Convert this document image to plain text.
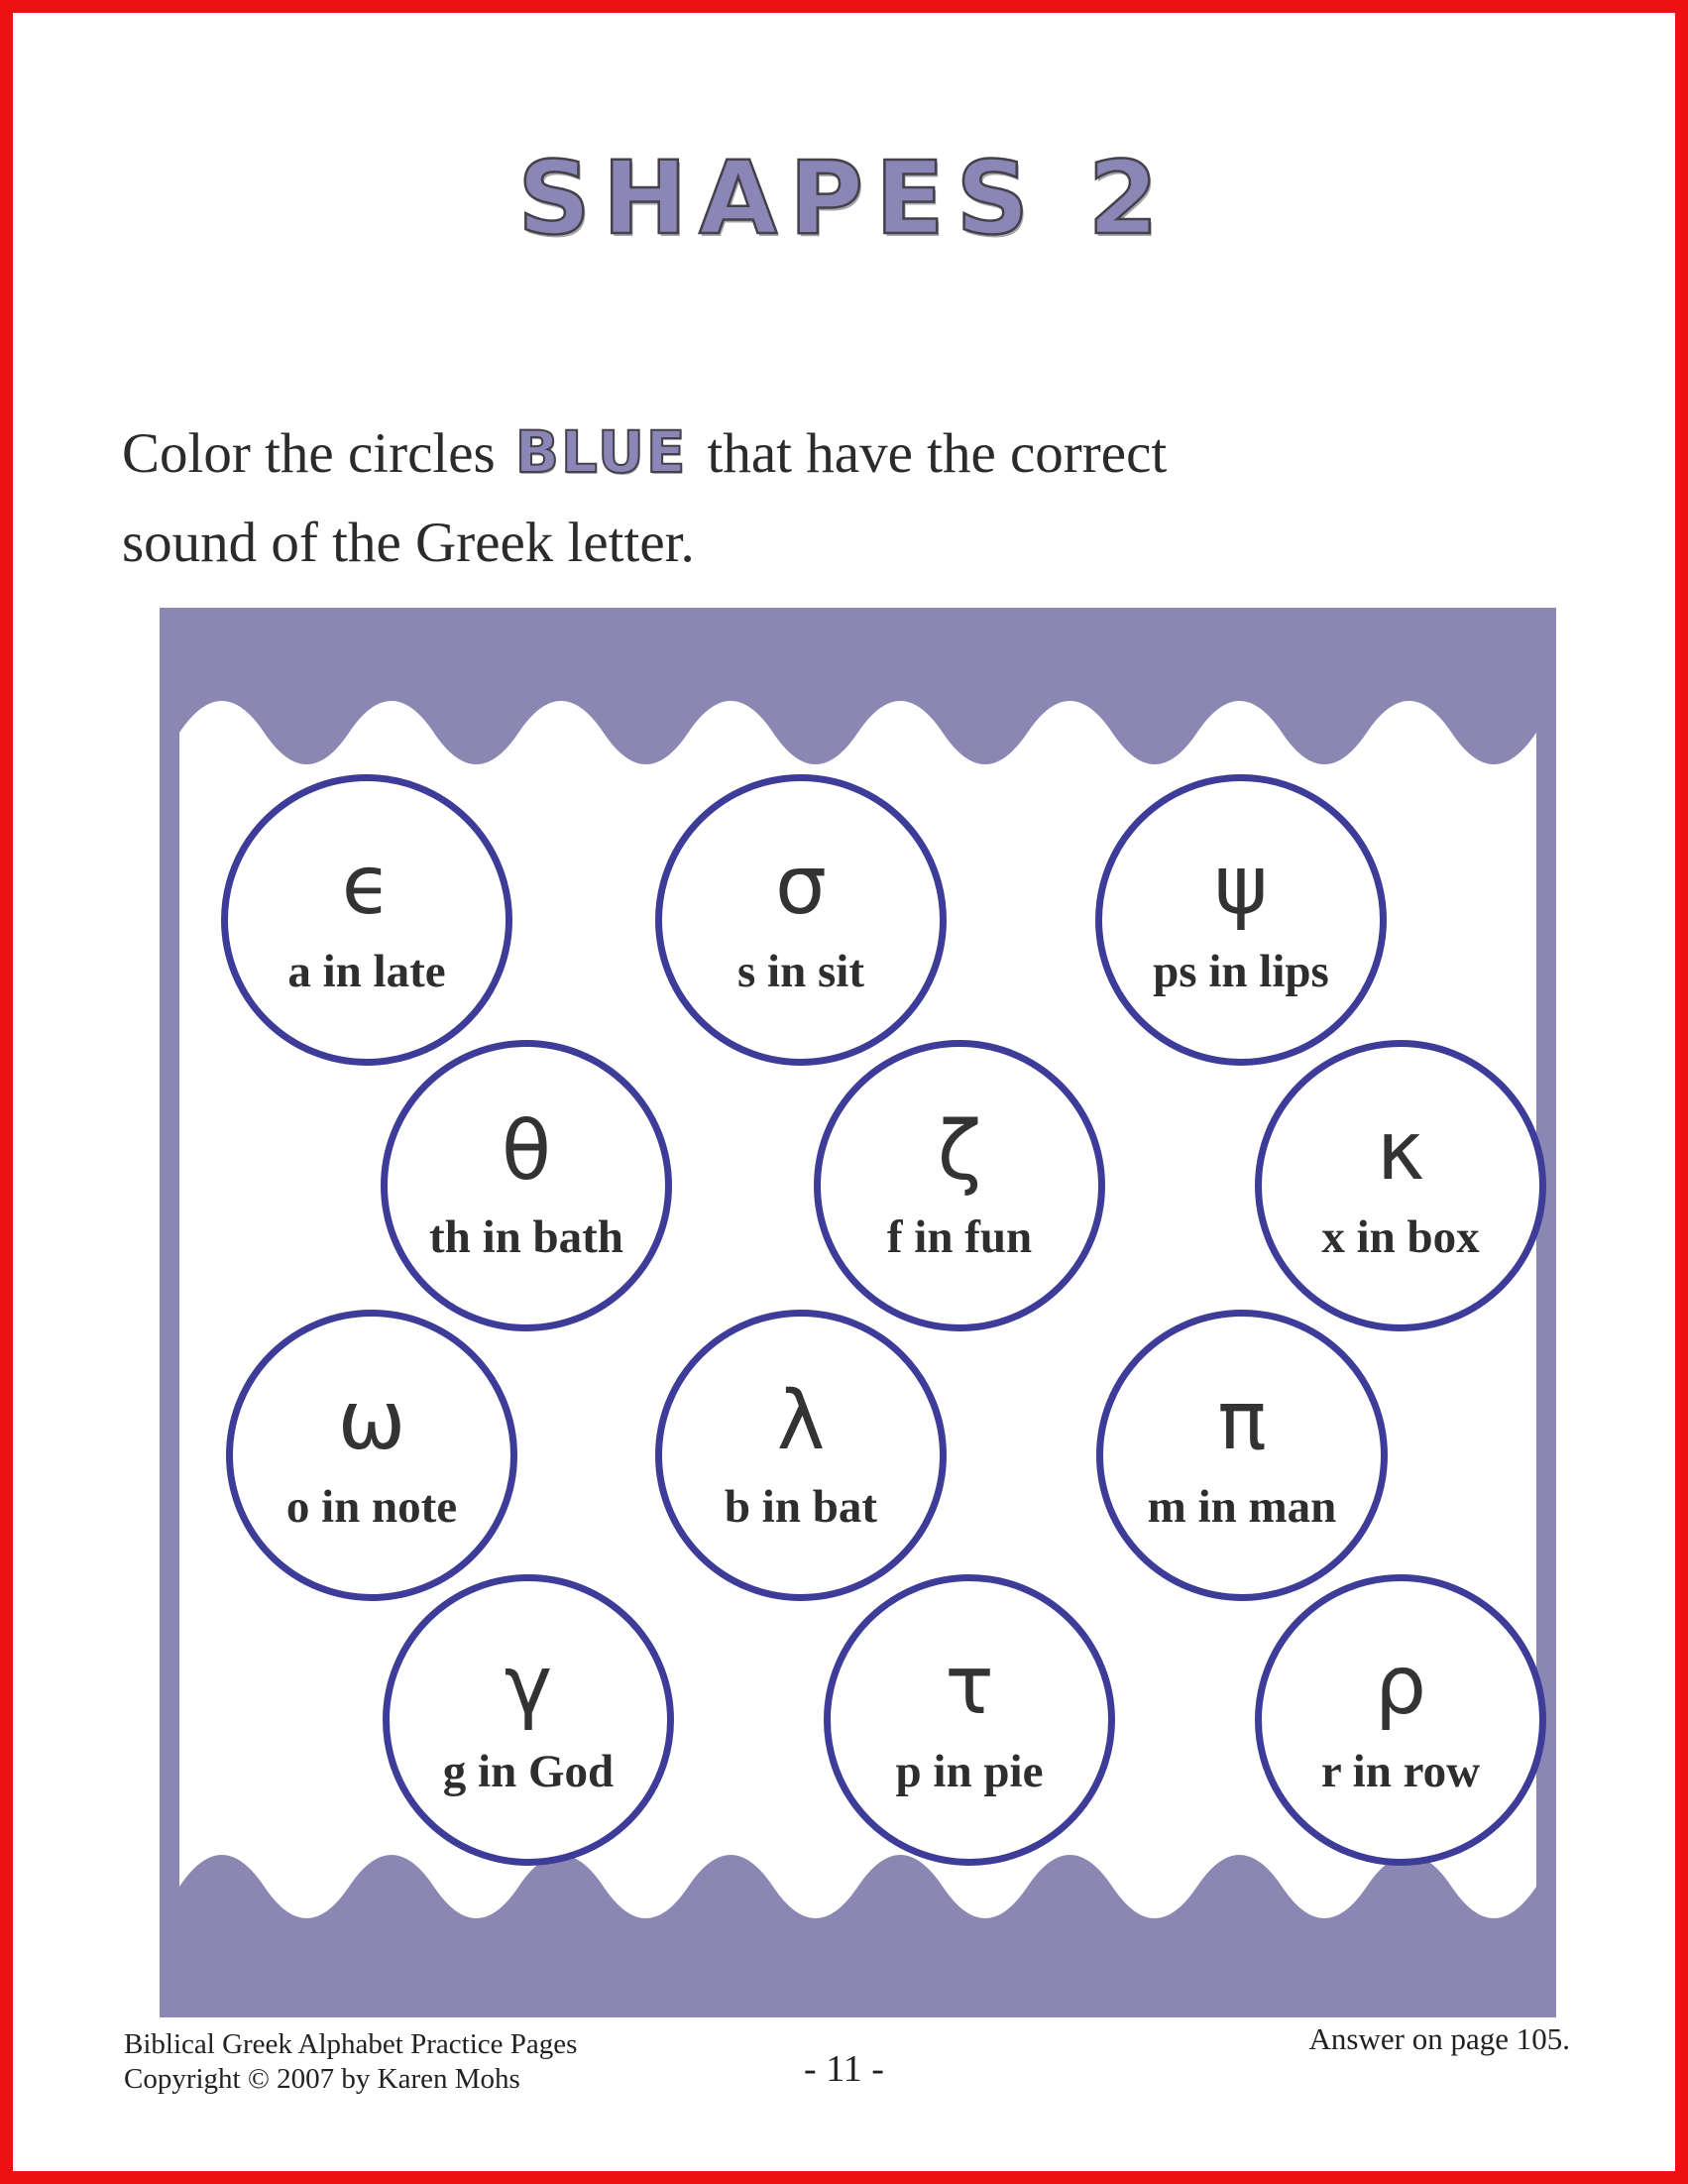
SHAPES 2
Color the circles BLUE that have the correct
sound of the Greek letter.
ϵ
a in late
σ
s in sit
ψ
ps in lips
θ
th in bath
ζ
f in fun
κ
x in box
ω
o in note
λ
b in bat
π
m in man
γ
g in God
τ
p in pie
ρ
r in row
Biblical Greek Alphabet Practice Pages
Copyright © 2007 by Karen Mohs	- 11 -
Answer on page 105.
